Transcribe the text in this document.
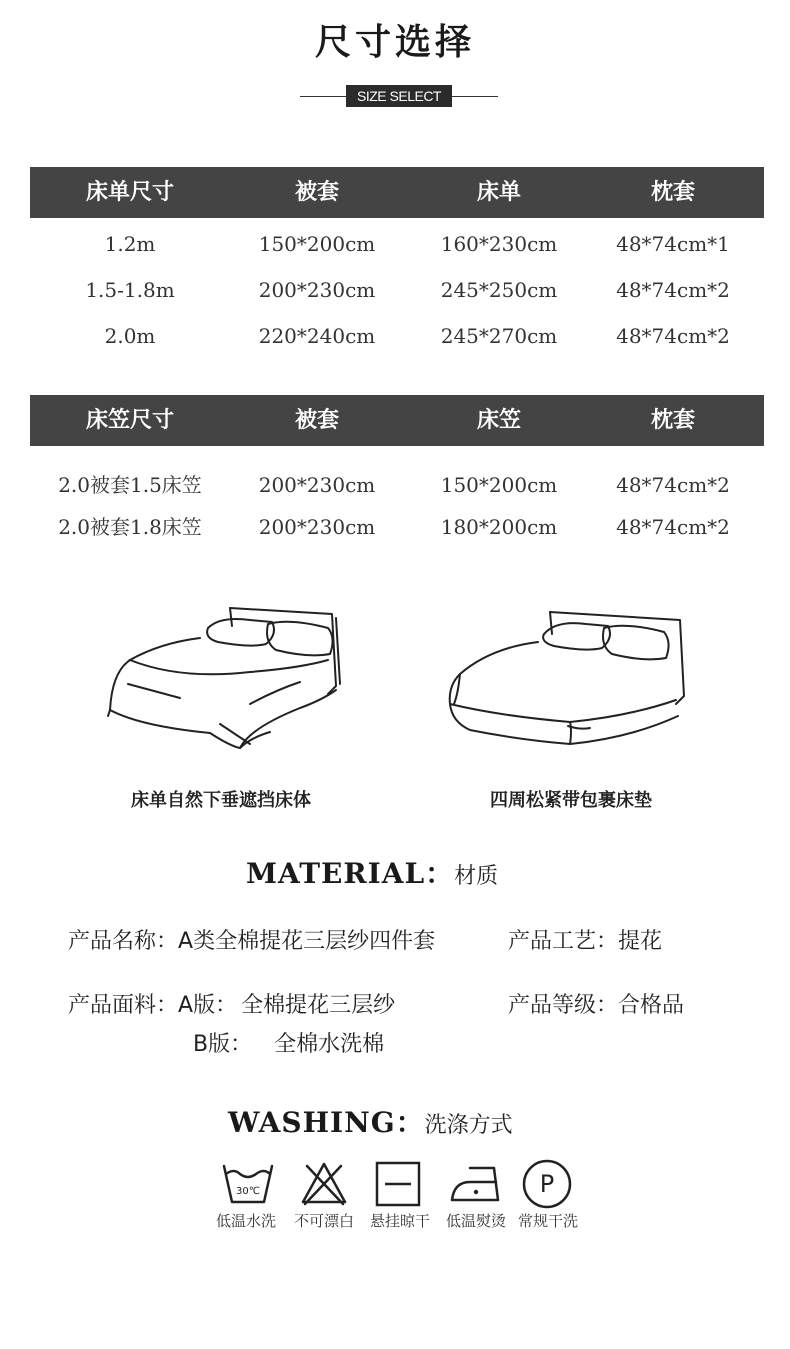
尺寸选择
SIZE SELECT
床单尺寸	被套	床单	枕套
1.2m	150*200cm	160*230cm	48*74cm*1
1.5-1.8m	200*230cm	245*250cm	48*74cm*2
2.0m	220*240cm	245*270cm	48*74cm*2
床笠尺寸	被套	床笠	枕套
2.0被套1.5床笠	200*230cm	150*200cm	48*74cm*2
2.0被套1.8床笠	200*230cm	180*200cm	48*74cm*2
床单自然下垂遮挡床体	四周松紧带包裹床垫
MATERIAL：材质
产品名称：A类全棉提花三层纱四件套	产品工艺：提花
产品面料：A版： 全棉提花三层纱	产品等级：合格品
B版： 全棉水洗棉
WASHING：洗涤方式
30℃	P
低温水洗	不可漂白	悬挂晾干	低温熨烫 常规干洗
